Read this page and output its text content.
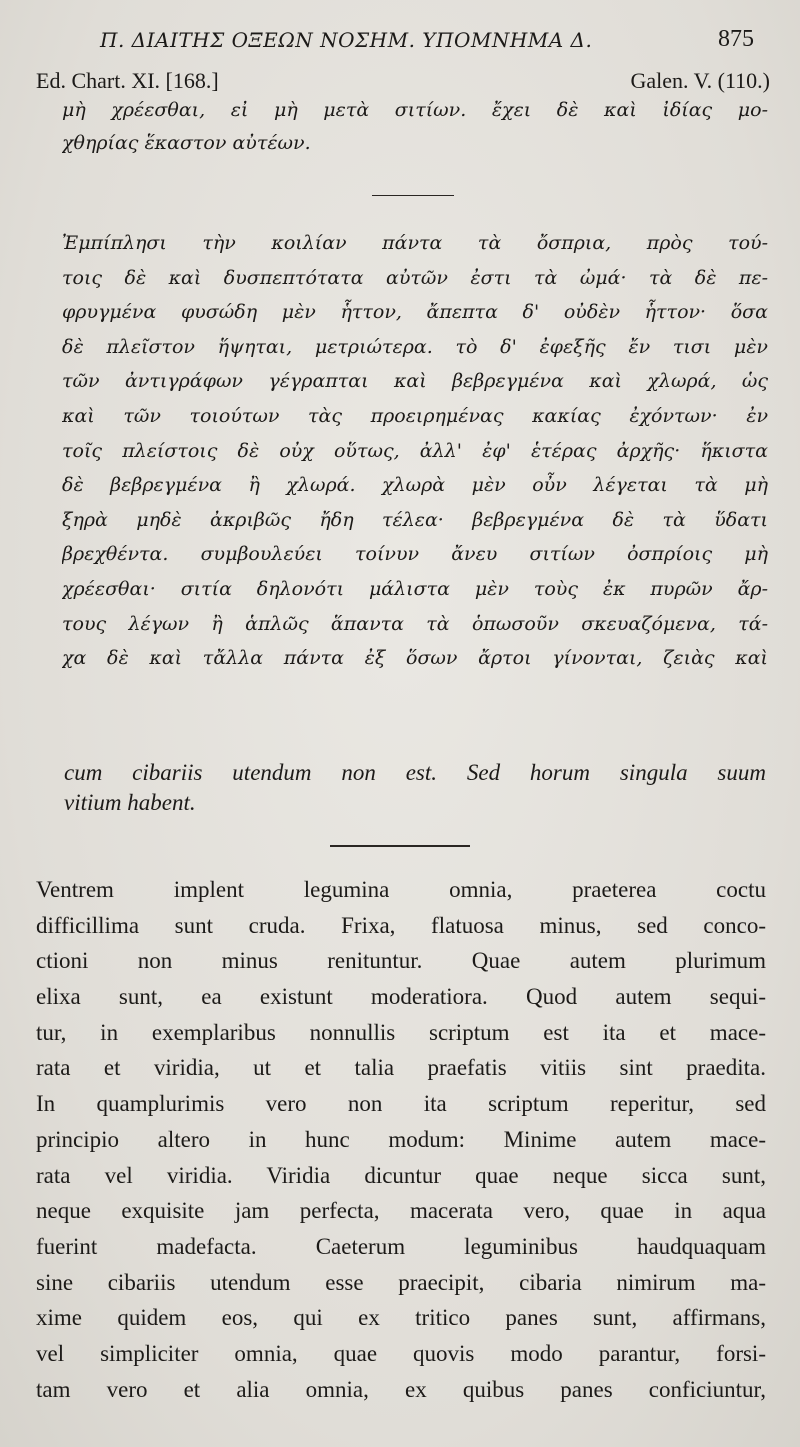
Π. ΔΙΑΙΤΗΣ ΟΞΕΩΝ ΝΟΣΗΜ. ΥΠΟΜΝΗΜΑ Δ.	875
Ed. Chart. XI. [168.]	Galen. V. (110.)
μὴ χρέεσθαι, εἰ μὴ μετὰ σιτίων. ἔχει δὲ καὶ ἰδίας μο-
χθηρίας ἕκαστον αὐτέων.
Ἐμπίπλησι τὴν κοιλίαν πάντα τὰ ὄσπρια, πρὸς τού-
τοις δὲ καὶ δυσπεπτότατα αὐτῶν ἐστι τὰ ὠμά· τὰ δὲ πε-
φρυγμένα φυσώδη μὲν ἧττον, ἄπεπτα δ' οὐδὲν ἧττον· ὅσα
δὲ πλεῖστον ἥψηται, μετριώτερα. τὸ δ' ἐφεξῆς ἔν τισι μὲν
τῶν ἀντιγράφων γέγραπται καὶ βεβρεγμένα καὶ χλωρά, ὡς
καὶ τῶν τοιούτων τὰς προειρημένας κακίας ἐχόντων· ἐν
τοῖς πλείστοις δὲ οὐχ οὕτως, ἀλλ' ἐφ' ἑτέρας ἀρχῆς· ἥκιστα
δὲ βεβρεγμένα ἢ χλωρά. χλωρὰ μὲν οὖν λέγεται τὰ μὴ
ξηρὰ μηδὲ ἀκριβῶς ἤδη τέλεα· βεβρεγμένα δὲ τὰ ὕδατι
βρεχθέντα. συμβουλεύει τοίνυν ἄνευ σιτίων ὀσπρίοις μὴ
χρέεσθαι· σιτία δηλονότι μάλιστα μὲν τοὺς ἐκ πυρῶν ἄρ-
τους λέγων ἢ ἁπλῶς ἅπαντα τὰ ὁπωσοῦν σκευαζόμενα, τά-
χα δὲ καὶ τἄλλα πάντα ἐξ ὅσων ἄρτοι γίνονται, ζειὰς καὶ
cum cibariis utendum non est. Sed horum singula suum
vitium habent.
Ventrem implent legumina omnia, praeterea coctu
difficillima sunt cruda. Frixa, flatuosa minus, sed conco-
ctioni non minus renituntur. Quae autem plurimum
elixa sunt, ea existunt moderatiora. Quod autem sequi-
tur, in exemplaribus nonnullis scriptum est ita et mace-
rata et viridia, ut et talia praefatis vitiis sint praedita.
In quamplurimis vero non ita scriptum reperitur, sed
principio altero in hunc modum: Minime autem mace-
rata vel viridia. Viridia dicuntur quae neque sicca sunt,
neque exquisite jam perfecta, macerata vero, quae in aqua
fuerint madefacta. Caeterum leguminibus haudquaquam
sine cibariis utendum esse praecipit, cibaria nimirum ma-
xime quidem eos, qui ex tritico panes sunt, affirmans,
vel simpliciter omnia, quae quovis modo parantur, forsi-
tam vero et alia omnia, ex quibus panes conficiuntur,
